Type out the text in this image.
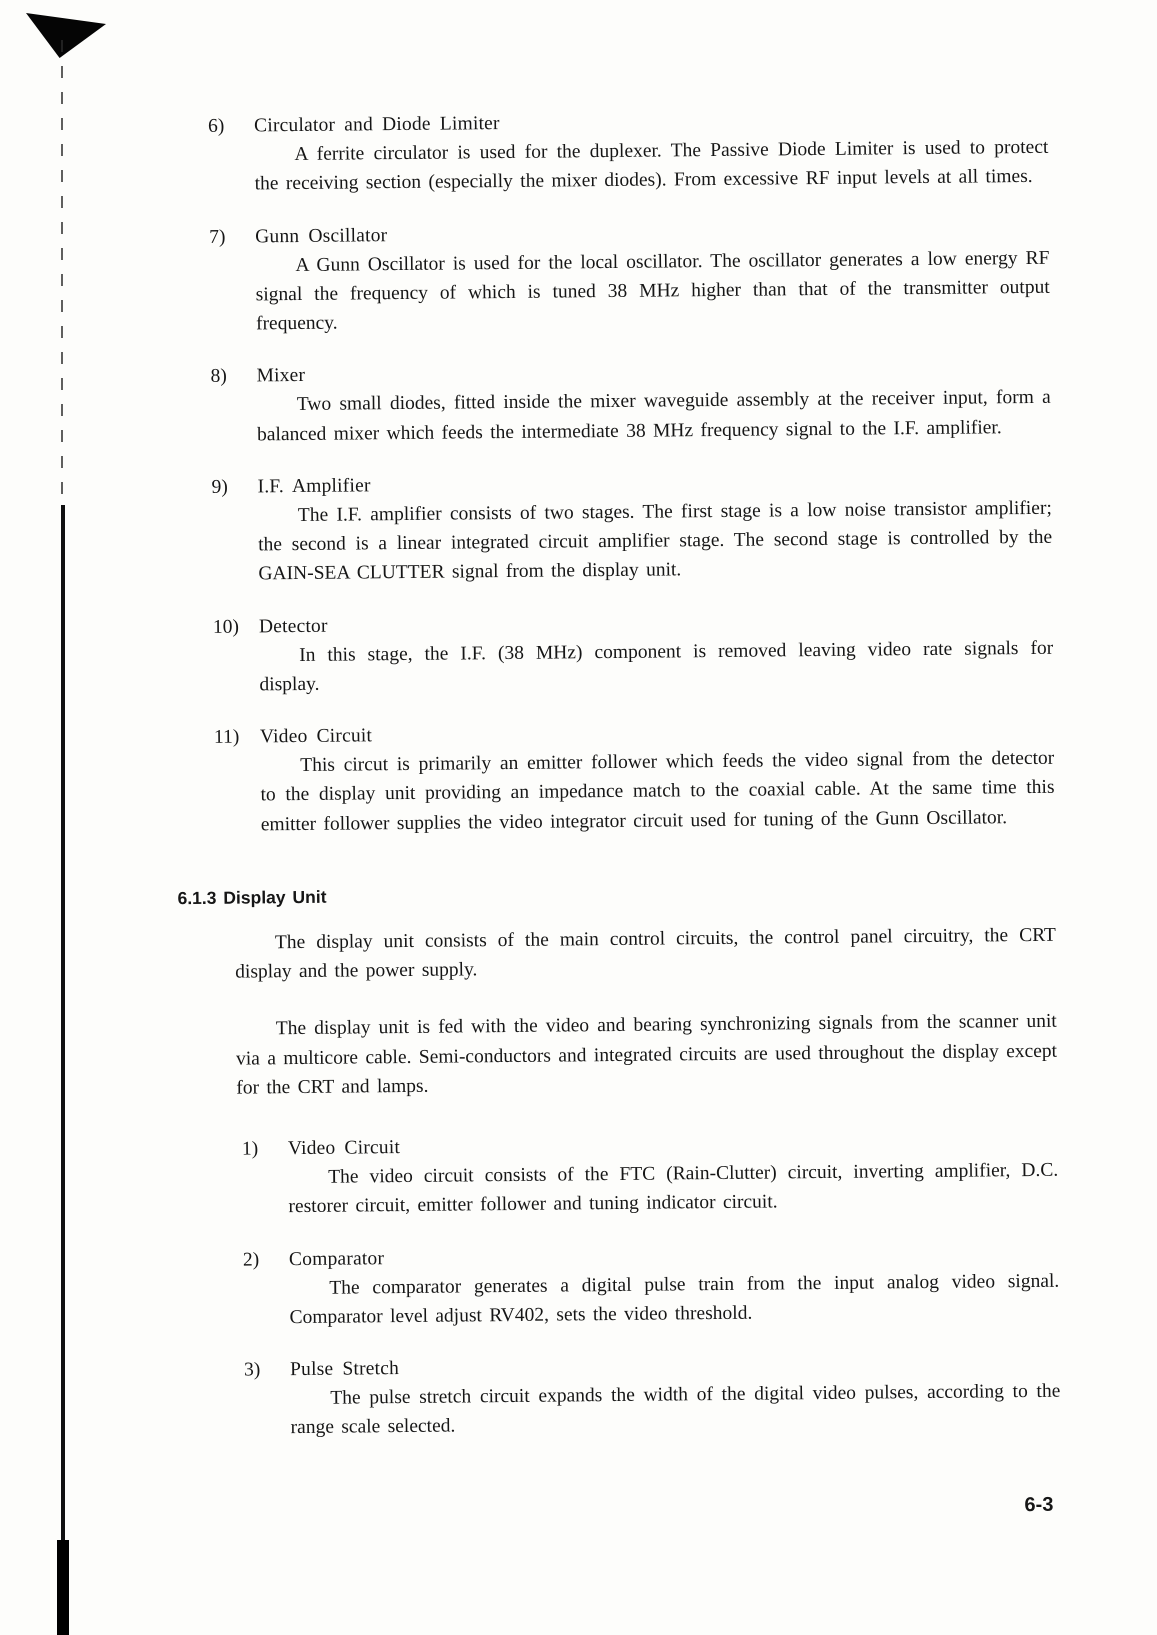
6)	Circulator and Diode Limiter
A ferrite circulator is used for the duplexer. The Passive Diode Limiter is used to protect the receiving section (especially the mixer diodes). From excessive RF input levels at all times.
7)	Gunn Oscillator
A Gunn Oscillator is used for the local oscillator. The oscillator generates a low energy RF signal the frequency of which is tuned 38 MHz higher than that of the transmitter output frequency.
8)	Mixer
Two small diodes, fitted inside the mixer waveguide assembly at the receiver input, form a balanced mixer which feeds the intermediate 38 MHz frequency signal to the I.F. amplifier.
9)	I.F. Amplifier
The I.F. amplifier consists of two stages. The first stage is a low noise transistor amplifier; the second is a linear integrated circuit amplifier stage. The second stage is controlled by the GAIN-SEA CLUTTER signal from the display unit.
10)	Detector
In this stage, the I.F. (38 MHz) component is removed leaving video rate signals for display.
11)	Video Circuit
This circut is primarily an emitter follower which feeds the video signal from the detector to the display unit providing an impedance match to the coaxial cable. At the same time this emitter follower supplies the video integrator circuit used for tuning of the Gunn Oscillator.
6.1.3 Display Unit

The display unit consists of the main control circuits, the control panel circuitry, the CRT display and the power supply.

The display unit is fed with the video and bearing synchronizing signals from the scanner unit via a multicore cable. Semi-conductors and integrated circuits are used throughout the display except for the CRT and lamps.

1)	Video Circuit
The video circuit consists of the FTC (Rain-Clutter) circuit, inverting amplifier, D.C. restorer circuit, emitter follower and tuning indicator circuit.
2)	Comparator
The comparator generates a digital pulse train from the input analog video signal. Comparator level adjust RV402, sets the video threshold.
3)	Pulse Stretch
The pulse stretch circuit expands the width of the digital video pulses, according to the range scale selected.
6-3
